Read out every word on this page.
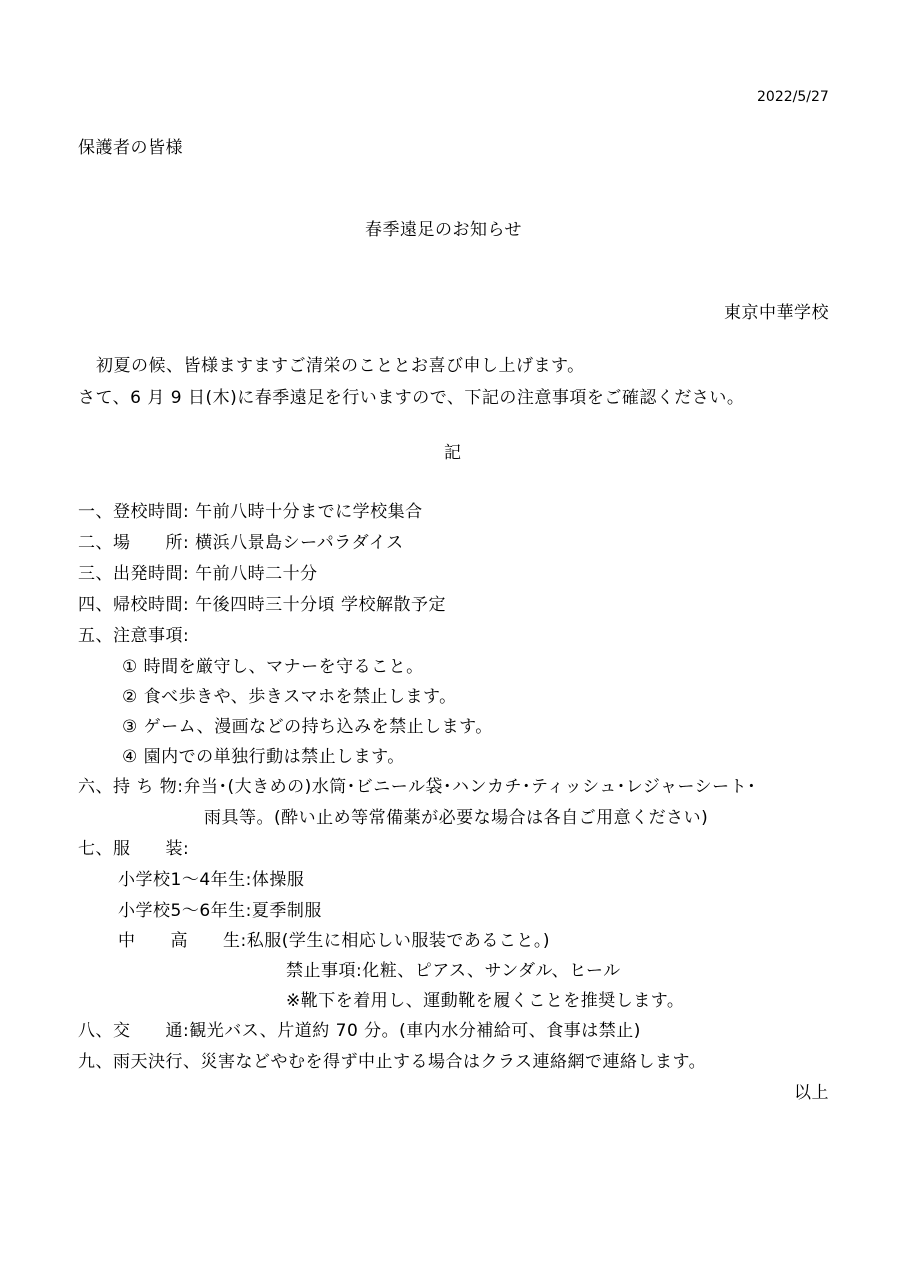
2022/5/27
保護者の皆様
春季遠足のお知らせ
東京中華学校
初夏の候、皆様ますますご清栄のこととお喜び申し上げます。
さて、6 月 9 日(木)に春季遠足を行いますので、下記の注意事項をご確認ください。
記
一、登校時間: 午前八時十分までに学校集合
二、場　　所: 横浜八景島シーパラダイス
三、出発時間: 午前八時二十分
四、帰校時間: 午後四時三十分頃 学校解散予定
五、注意事項:
① 時間を厳守し、マナーを守ること。
② 食べ歩きや、歩きスマホを禁止します。
③ ゲーム、漫画などの持ち込みを禁止します。
④ 園内での単独行動は禁止します。
六、持 ち 物:弁当･(大きめの)水筒･ビニール袋･ハンカチ･ティッシュ･レジャーシート･
雨具等。(酔い止め等常備薬が必要な場合は各自ご用意ください)
七、服　　装:
小学校1～4年生:体操服
小学校5～6年生:夏季制服
中　　高　　生:私服(学生に相応しい服装であること。)
禁止事項:化粧、ピアス、サンダル、ヒール
※靴下を着用し、運動靴を履くことを推奨します。
八、交　　通:観光バス、片道約 70 分。(車内水分補給可、食事は禁止)
九、雨天決行、災害などやむを得ず中止する場合はクラス連絡網で連絡します。
以上
